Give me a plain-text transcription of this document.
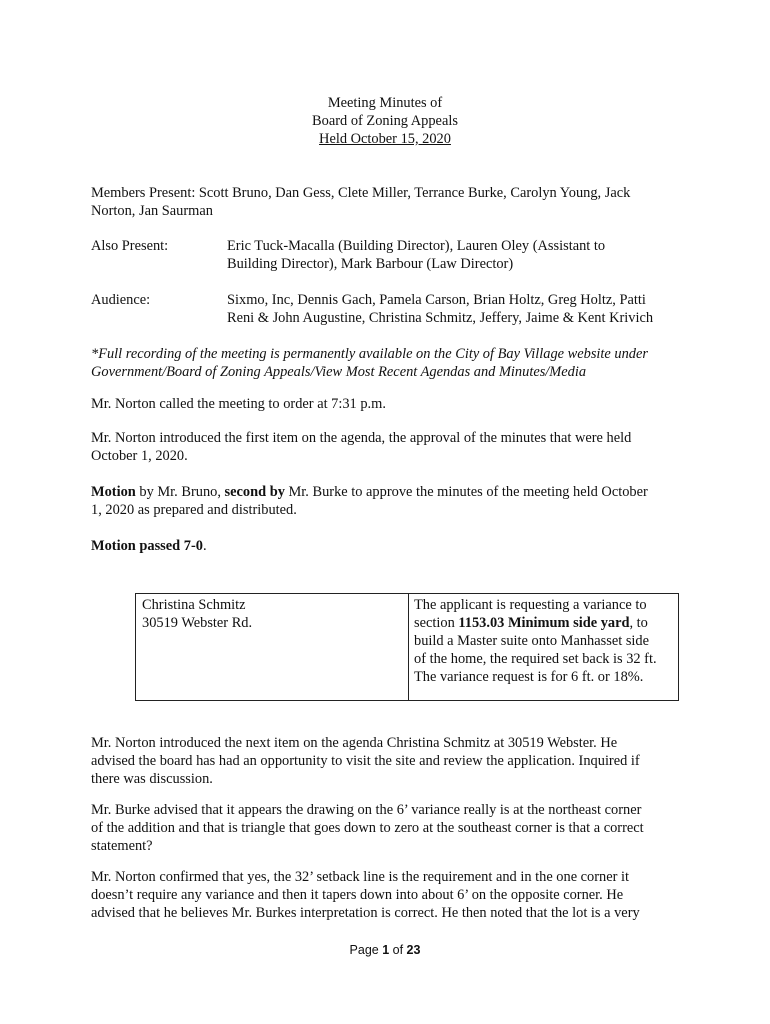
Meeting Minutes of
Board of Zoning Appeals
Held October 15, 2020
Members Present: Scott Bruno, Dan Gess, Clete Miller, Terrance Burke, Carolyn Young, Jack
Norton, Jan Saurman
Also Present:	Eric Tuck-Macalla (Building Director), Lauren Oley (Assistant to
Building Director), Mark Barbour (Law Director)
Audience:	Sixmo, Inc, Dennis Gach, Pamela Carson, Brian Holtz, Greg Holtz, Patti
Reni & John Augustine, Christina Schmitz, Jeffery, Jaime & Kent Krivich
*Full recording of the meeting is permanently available on the City of Bay Village website under
Government/Board of Zoning Appeals/View Most Recent Agendas and Minutes/Media
Mr. Norton called the meeting to order at 7:31 p.m.
Mr. Norton introduced the first item on the agenda, the approval of the minutes that were held
October 1, 2020.
Motion by Mr. Bruno, second by Mr. Burke to approve the minutes of the meeting held October
1, 2020 as prepared and distributed.
Motion passed 7-0.
Christina Schmitz
30519 Webster Rd.
The applicant is requesting a variance to
section 1153.03 Minimum side yard, to
build a Master suite onto Manhasset side
of the home, the required set back is 32 ft.
The variance request is for 6 ft. or 18%.
Mr. Norton introduced the next item on the agenda Christina Schmitz at 30519 Webster. He
advised the board has had an opportunity to visit the site and review the application. Inquired if
there was discussion.
Mr. Burke advised that it appears the drawing on the 6’ variance really is at the northeast corner
of the addition and that is triangle that goes down to zero at the southeast corner is that a correct
statement?
Mr. Norton confirmed that yes, the 32’ setback line is the requirement and in the one corner it
doesn’t require any variance and then it tapers down into about 6’ on the opposite corner. He
advised that he believes Mr. Burkes interpretation is correct. He then noted that the lot is a very
Page 1 of 23
